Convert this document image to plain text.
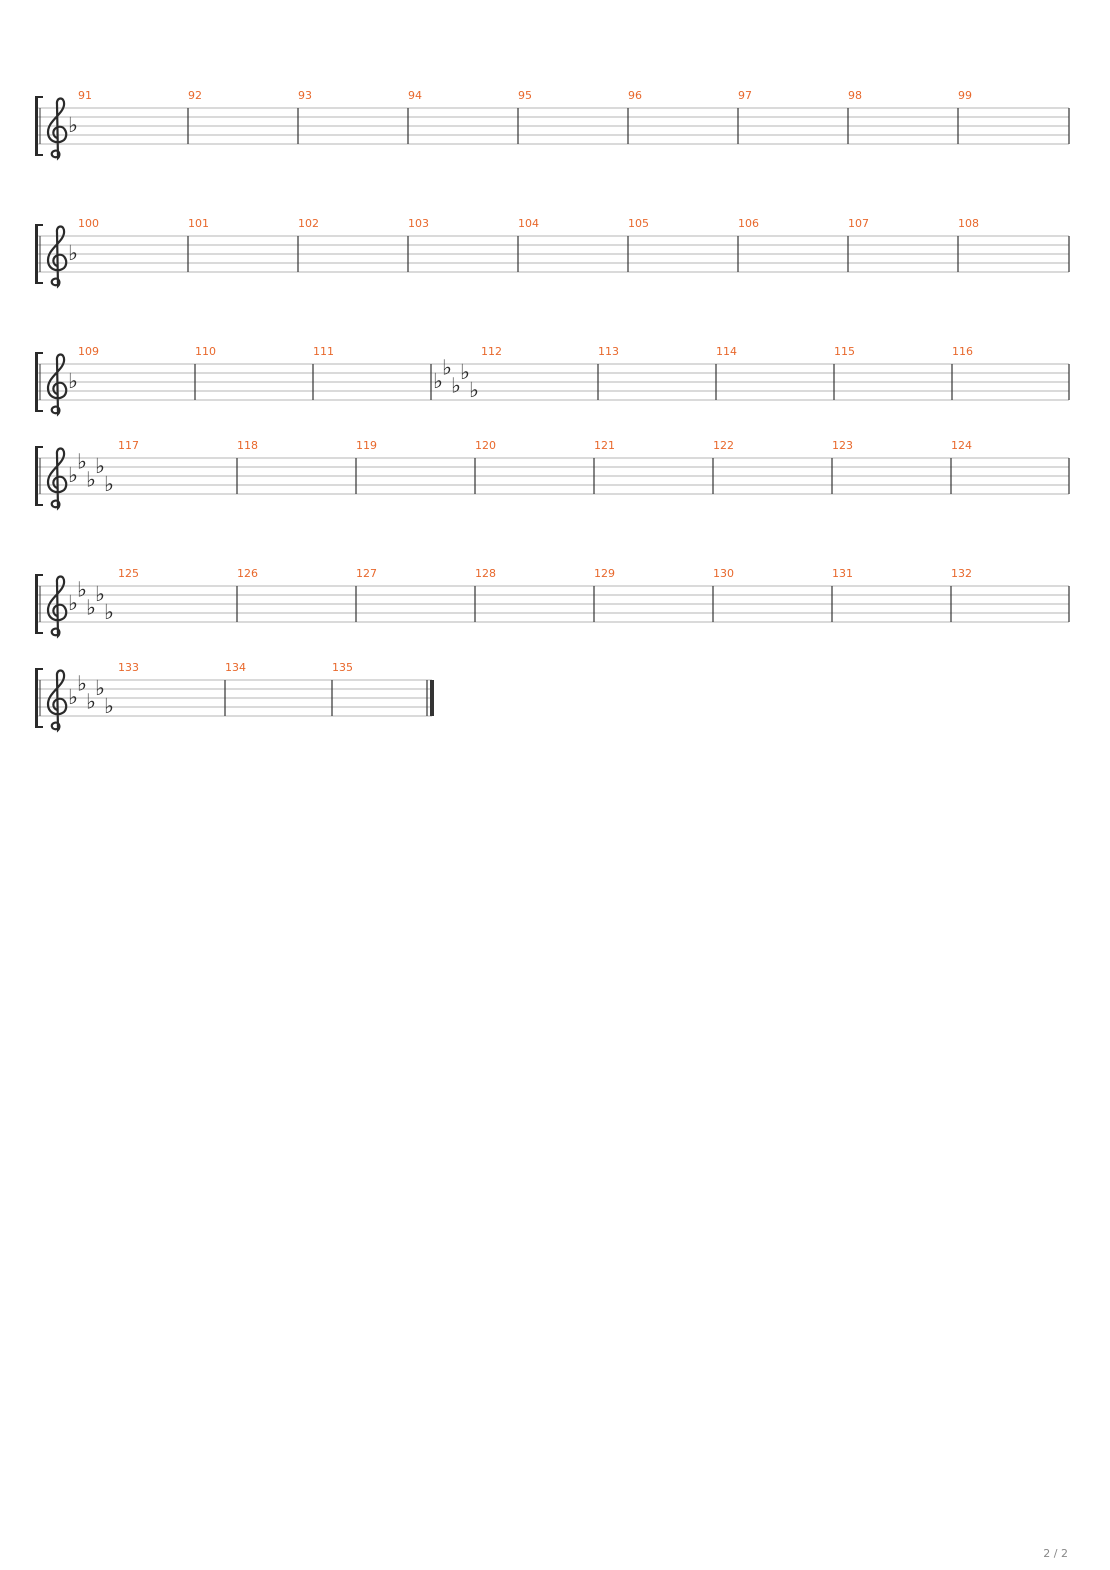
♭
91	92	93	94	95	96	97	98	99
♭
100	101	102	103	104	105	106	107	108
♭	♭
♭
♭
♭
♭
109	110	111	112	113	114	115	116
♭
♭
♭
♭
♭
117	118	119	120	121	122	123	124
♭
♭
♭
♭
♭
125	126	127	128	129	130	131	132
♭
♭
♭
♭
♭
133	134	135
2 / 2
